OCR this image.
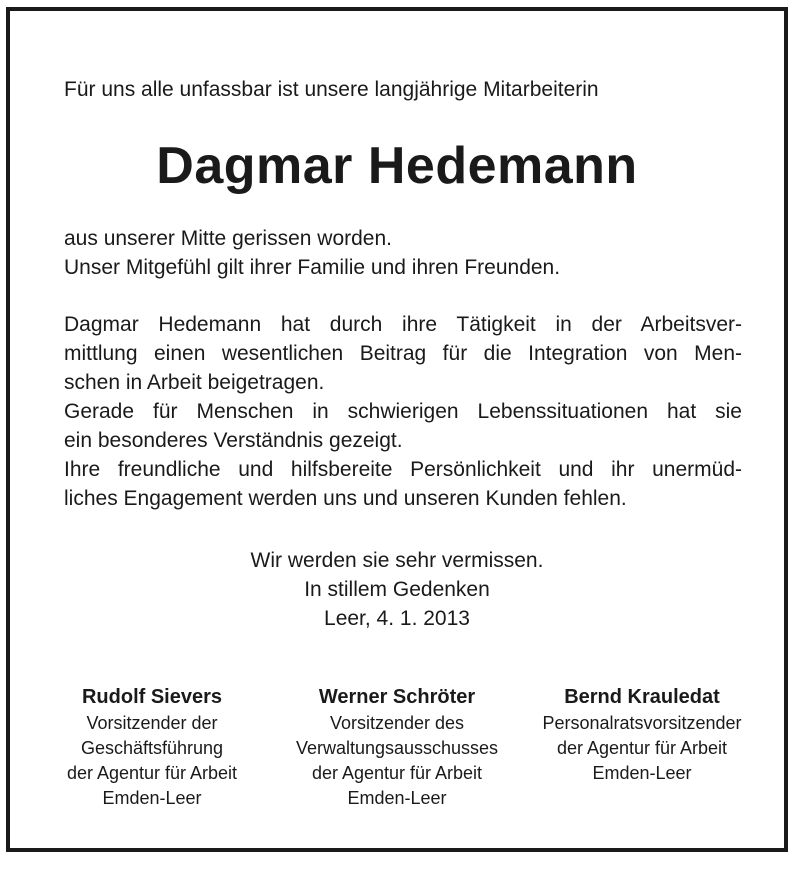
Für uns alle unfassbar ist unsere langjährige Mitarbeiterin
Dagmar Hedemann
aus unserer Mitte gerissen worden.
Unser Mitgefühl gilt ihrer Familie und ihren Freunden.
Dagmar Hedemann hat durch ihre Tätigkeit in der Arbeitsver-
mittlung einen wesentlichen Beitrag für die Integration von Men-
schen in Arbeit beigetragen.
Gerade für Menschen in schwierigen Lebenssituationen hat sie
ein besonderes Verständnis gezeigt.
Ihre freundliche und hilfsbereite Persönlichkeit und ihr unermüd-
liches Engagement werden uns und unseren Kunden fehlen.
Wir werden sie sehr vermissen.
In stillem Gedenken
Leer, 4. 1. 2013
Rudolf Sievers
Vorsitzender der
Geschäftsführung
der Agentur für Arbeit
Emden-Leer
Werner Schröter
Vorsitzender des
Verwaltungsausschusses
der Agentur für Arbeit
Emden-Leer
Bernd Krauledat
Personalratsvorsitzender
der Agentur für Arbeit
Emden-Leer
